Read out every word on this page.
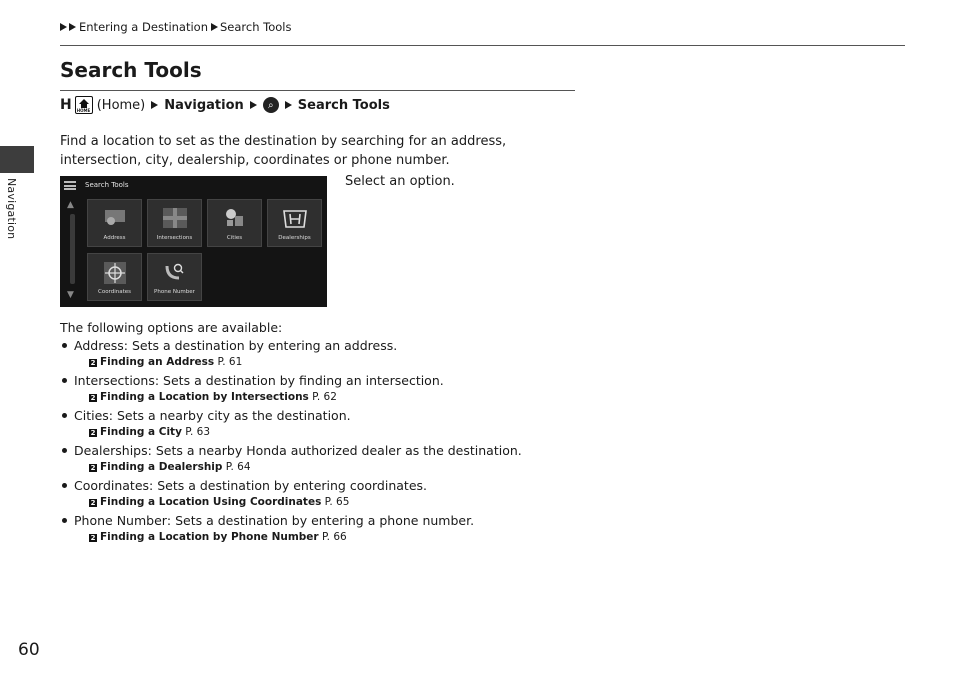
Navigation
Entering a Destination Search Tools
Search Tools
H HOME (Home) Navigation	⌕	Search Tools

Find a location to set as the destination by searching for an address, intersection, city, dealership, coordinates or phone number.

Search Tools
▲
▼
Address	Intersections	Cities	Dealerships
Coordinates	Phone Number

Select an option.

The following options are available:

Address: Sets a destination by entering an address.
2 Finding an Address P. 61
Intersections: Sets a destination by finding an intersection.
2 Finding a Location by Intersections P. 62
Cities: Sets a nearby city as the destination.
2 Finding a City P. 63
Dealerships: Sets a nearby Honda authorized dealer as the destination.
2 Finding a Dealership P. 64
Coordinates: Sets a destination by entering coordinates.
2 Finding a Location Using Coordinates P. 65
Phone Number: Sets a destination by entering a phone number.
2 Finding a Location by Phone Number P. 66
60
